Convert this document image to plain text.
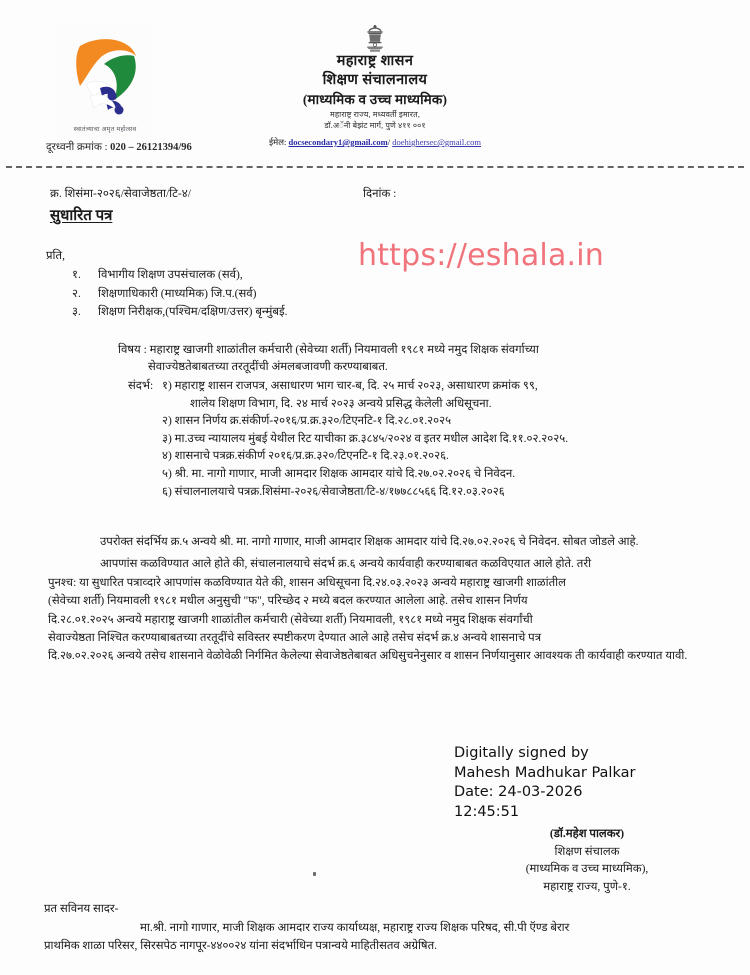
स्वातंत्र्याचा अमृत महोत्सव
दूरध्वनी क्रमांक : 020 – 26121394/96
महाराष्ट्र शासन
शिक्षण संचालनालय
(माध्यमिक व उच्च माध्यमिक)
महाराष्ट्र राज्य, मध्यवर्ती इमारत,
डॉ.अॅनी बेझंट मार्ग, पुणे ४११ ००१
ईमेल: docsecondary1@gmail.com/ doehighersec@gmail.com
क्र. शिसंमा-२०२६/सेवाजेष्ठता/टि-४/	दिनांक :
सुधारित पत्र
https://eshala.in
प्रति,
१.	विभागीय शिक्षण उपसंचालक (सर्व),
२.	शिक्षणाधिकारी (माध्यमिक) जि.प.(सर्व)
३.	शिक्षण निरीक्षक,(पश्चिम/दक्षिण/उत्तर) बृन्मुंबई.
विषय : महाराष्ट्र खाजगी शाळांतील कर्मचारी (सेवेच्या शर्ती) नियमावली १९८१ मध्ये नमुद शिक्षक संवर्गाच्या
सेवाज्येष्ठतेबाबतच्या तरतूदींची अंमलबजावणी करण्याबाबत.
संदर्भ: १) महाराष्ट्र शासन राजपत्र, असाधारण भाग चार-ब, दि. २५ मार्च २०२३, असाधारण क्रमांक ९९,
शालेय शिक्षण विभाग, दि. २४ मार्च २०२३ अन्वये प्रसिद्ध केलेली अधिसूचना.
२) शासन निर्णय क्र.संकीर्ण-२०१६/प्र.क्र.३२०/टिएनटि-१ दि.२८.०१.२०२५
३) मा.उच्च न्यायालय मुंबई येथील रिट याचीका क्र.३८४५/२०२४ व इतर मधील आदेश दि.११.०२.२०२५.
४) शासनाचे पत्रक्र.संकीर्ण २०१६/प्र.क्र.३२०/टिएनटि-१ दि.२३.०१.२०२६.
५) श्री. मा. नागो गाणार, माजी आमदार शिक्षक आमदार यांचे दि.२७.०२.२०२६ चे निवेदन.
६) संचालनालयाचे पत्रक्र.शिसंमा-२०२६/सेवाजेष्ठता/टि-४/१७७८८५६६ दि.१२.०३.२०२६

उपरोक्त संदर्भिय क्र.५ अन्वये श्री. मा. नागो गाणार, माजी आमदार शिक्षक आमदार यांचे दि.२७.०२.२०२६ चे निवेदन. सोबत जोडले आहे.

आपणांस कळविण्यात आले होते की, संचालनालयाचे संदर्भ क्र.६ अन्वये कार्यवाही करण्याबाबत कळविएयात आले होते. तरी पुनश्च: या सुधारित पत्राव्दारे आपणांस कळविण्यात येते की, शासन अधिसूचना दि.२४.०३.२०२३ अन्वये महाराष्ट्र खाजगी शाळांतील (सेवेच्या शर्ती) नियमावली १९८१ मधील अनुसुची "फ", परिच्छेद २ मध्ये बदल करण्यात आलेला आहे. तसेच शासन निर्णय दि.२८.०१.२०२५ अन्वये महाराष्ट्र खाजगी शाळांतील कर्मचारी (सेवेच्या शर्ती) नियमावली, १९८१ मध्ये नमुद शिक्षक संवर्गांची सेवाज्येष्ठता निश्चित करण्याबाबतच्या तरतूदींचे सविस्तर स्पष्टीकरण देण्यात आले आहे तसेच संदर्भ क्र.४ अन्वये शासनाचे पत्र दि.२७.०२.२०२६ अन्वये तसेच शासनाने वेळोवेळी निर्गमित केलेल्या सेवाजेष्ठतेबाबत अधिसुचनेनुसार व शासन निर्णयानुसार आवश्यक ती कार्यवाही करण्यात यावी.

Digitally signed by
Mahesh Madhukar Palkar
Date: 24-03-2026
12:45:51
(डॉ.महेश पालकर)
शिक्षण संचालक
(माध्यमिक व उच्च माध्यमिक),
महाराष्ट्र राज्य, पुणे-१.
प्रत सविनय सादर-
मा.श्री. नागो गाणार, माजी शिक्षक आमदार राज्य कार्याध्यक्ष, महाराष्ट्र राज्य शिक्षक परिषद, सी.पी ऍण्ड बेरार
प्राथमिक शाळा परिसर, सिरसपेठ नागपूर-४४००२४ यांना संदर्भाधिन पत्रान्वये माहितीसतव अग्रेषित.
